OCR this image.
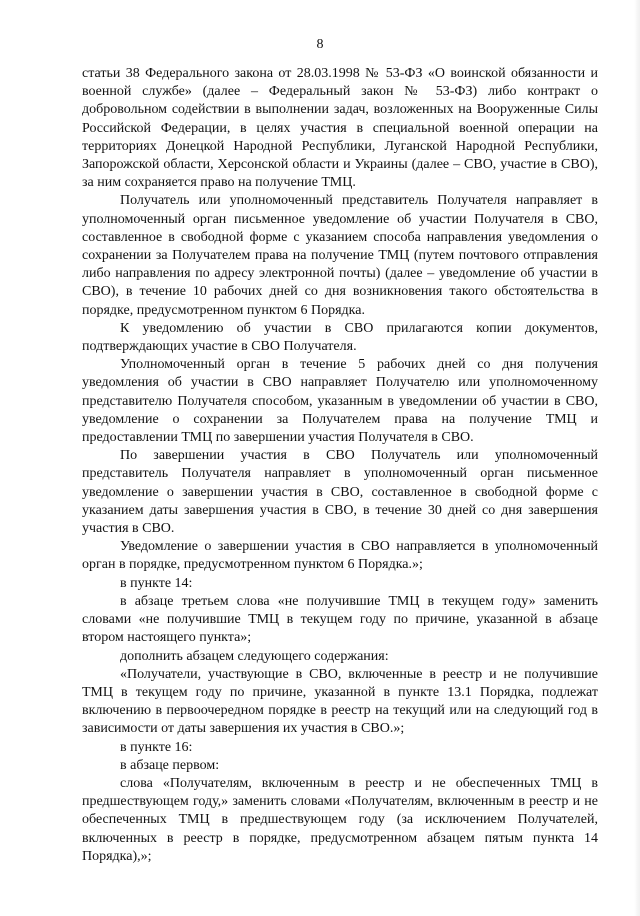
8

статьи 38 Федерального закона от 28.03.1998 № 53-ФЗ «О воинской обязанности и военной службе» (далее – Федеральный закон № 53-ФЗ) либо контракт о добровольном содействии в выполнении задач, возложенных на Вооруженные Силы Российской Федерации, в целях участия в специальной военной операции на территориях Донецкой Народной Республики, Луганской Народной Республики, Запорожской области, Херсонской области и Украины (далее – СВО, участие в СВО), за ним сохраняется право на получение ТМЦ.

Получатель или уполномоченный представитель Получателя направляет в уполномоченный орган письменное уведомление об участии Получателя в СВО, составленное в свободной форме с указанием способа направления уведомления о сохранении за Получателем права на получение ТМЦ (путем почтового отправления либо направления по адресу электронной почты) (далее – уведомление об участии в СВО), в течение 10 рабочих дней со дня возникновения такого обстоятельства в порядке, предусмотренном пунктом 6 Порядка.

К уведомлению об участии в СВО прилагаются копии документов, подтверждающих участие в СВО Получателя.

Уполномоченный орган в течение 5 рабочих дней со дня получения уведомления об участии в СВО направляет Получателю или уполномоченному представителю Получателя способом, указанным в уведомлении об участии в СВО, уведомление о сохранении за Получателем права на получение ТМЦ и предоставлении ТМЦ по завершении участия Получателя в СВО.

По завершении участия в СВО Получатель или уполномоченный представитель Получателя направляет в уполномоченный орган письменное уведомление о завершении участия в СВО, составленное в свободной форме с указанием даты завершения участия в СВО, в течение 30 дней со дня завершения участия в СВО.

Уведомление о завершении участия в СВО направляется в уполномоченный орган в порядке, предусмотренном пунктом 6 Порядка.»;

в пункте 14:

в абзаце третьем слова «не получившие ТМЦ в текущем году» заменить словами «не получившие ТМЦ в текущем году по причине, указанной в абзаце втором настоящего пункта»;

дополнить абзацем следующего содержания:

«Получатели, участвующие в СВО, включенные в реестр и не получившие ТМЦ в текущем году по причине, указанной в пункте 13.1 Порядка, подлежат включению в первоочередном порядке в реестр на текущий или на следующий год в зависимости от даты завершения их участия в СВО.»;

в пункте 16:

в абзаце первом:

слова «Получателям, включенным в реестр и не обеспеченных ТМЦ в предшествующем году,» заменить словами «Получателям, включенным в реестр и не обеспеченных ТМЦ в предшествующем году (за исключением Получателей, включенных в реестр в порядке, предусмотренном абзацем пятым пункта 14 Порядка),»;
